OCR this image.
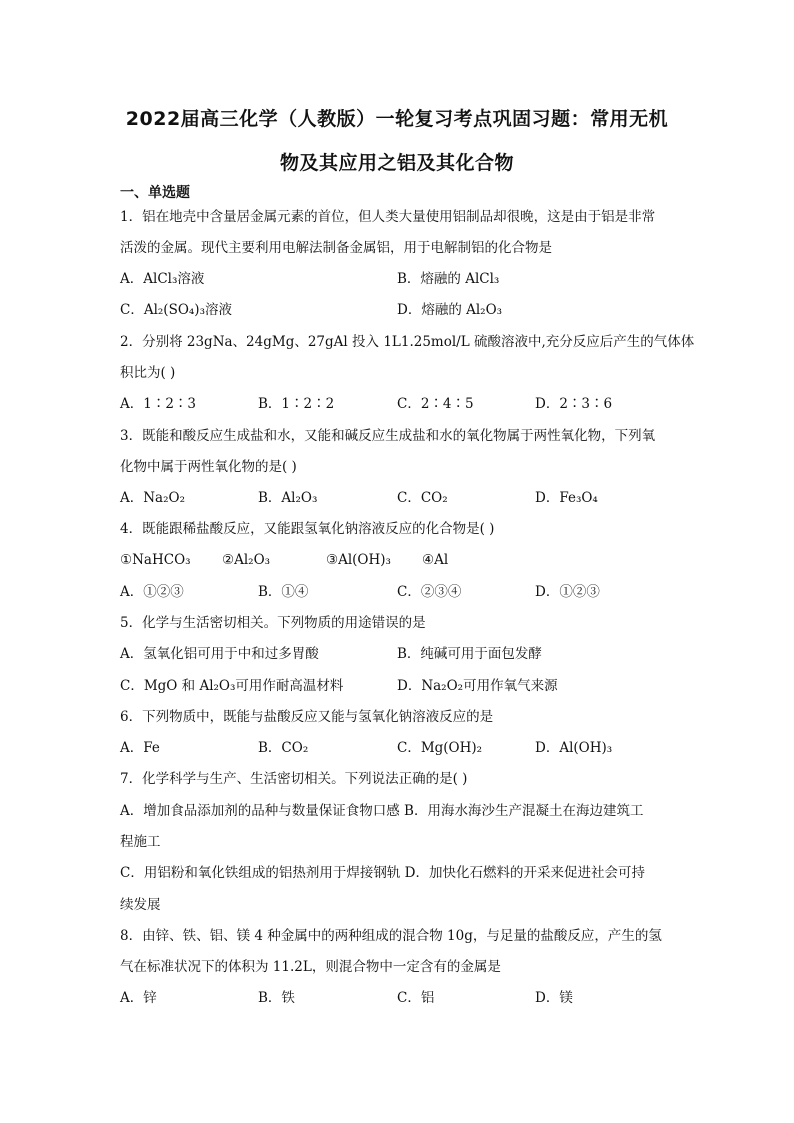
2022届高三化学（人教版）一轮复习考点巩固习题：常用无机
物及其应用之铝及其化合物
一、单选题
1．铝在地壳中含量居金属元素的首位，但人类大量使用铝制品却很晚，这是由于铝是非常
活泼的金属。现代主要利用电解法制备金属铝，用于电解制铝的化合物是
A．AlCl₃溶液	B．熔融的 AlCl₃
C．Al₂(SO₄)₃溶液	D．熔融的 Al₂O₃
2．分别将 23gNa、24gMg、27gAl 投入 1L1.25mol/L 硫酸溶液中,充分反应后产生的气体体
积比为( )
A．1∶2∶3	B．1∶2∶2	C．2∶4∶5	D．2∶3∶6
3．既能和酸反应生成盐和水，又能和碱反应生成盐和水的氧化物属于两性氧化物，下列氧
化物中属于两性氧化物的是( )
A．Na₂O₂	B．Al₂O₃	C．CO₂	D．Fe₃O₄
4．既能跟稀盐酸反应，又能跟氢氧化钠溶液反应的化合物是( )
①NaHCO₃ ②Al₂O₃	③Al(OH)₃ ④Al
A．①②③	B．①④	C．②③④	D．①②③
5．化学与生活密切相关。下列物质的用途错误的是
A．氢氧化铝可用于中和过多胃酸	B．纯碱可用于面包发酵
C．MgO 和 Al₂O₃可用作耐高温材料	D．Na₂O₂可用作氧气来源
6．下列物质中，既能与盐酸反应又能与氢氧化钠溶液反应的是
A．Fe	B．CO₂	C．Mg(OH)₂	D．Al(OH)₃
7．化学科学与生产、生活密切相关。下列说法正确的是( )
A．增加食品添加剂的品种与数量保证食物口感 B．用海水海沙生产混凝土在海边建筑工
程施工
C．用铝粉和氧化铁组成的铝热剂用于焊接钢轨 D．加快化石燃料的开采来促进社会可持
续发展
8．由锌、铁、铝、镁 4 种金属中的两种组成的混合物 10g，与足量的盐酸反应，产生的氢
气在标准状况下的体积为 11.2L，则混合物中一定含有的金属是
A．锌	B．铁	C．铝	D．镁
